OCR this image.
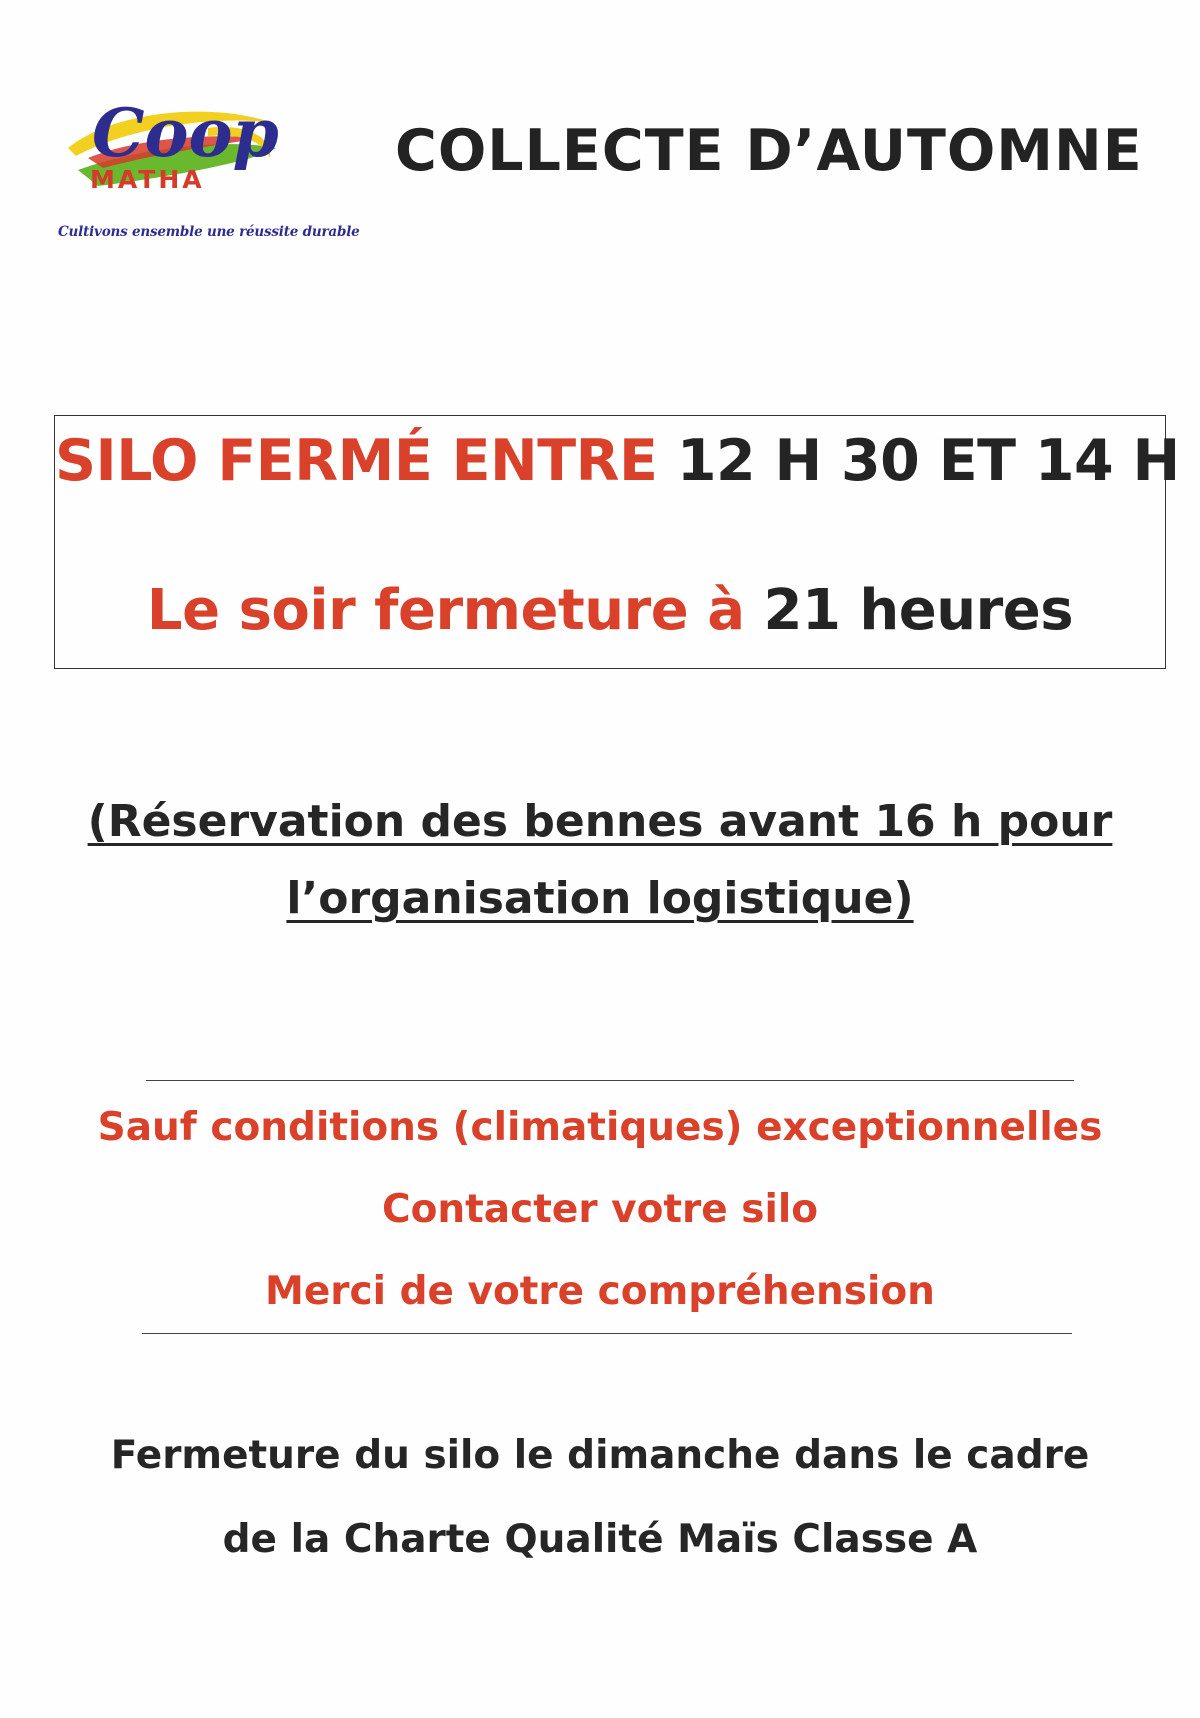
Coop
MATHA
Cultivons ensemble une réussite durable
COLLECTE D’AUTOMNE
SILO FERMÉ ENTRE 12 H 30 ET 14 H
Le soir fermeture à 21 heures
(Réservation des bennes avant 16 h pour
l’organisation logistique)
Sauf conditions (climatiques) exceptionnelles
Contacter votre silo
Merci de votre compréhension
Fermeture du silo le dimanche dans le cadre
de la Charte Qualité Maïs Classe A
